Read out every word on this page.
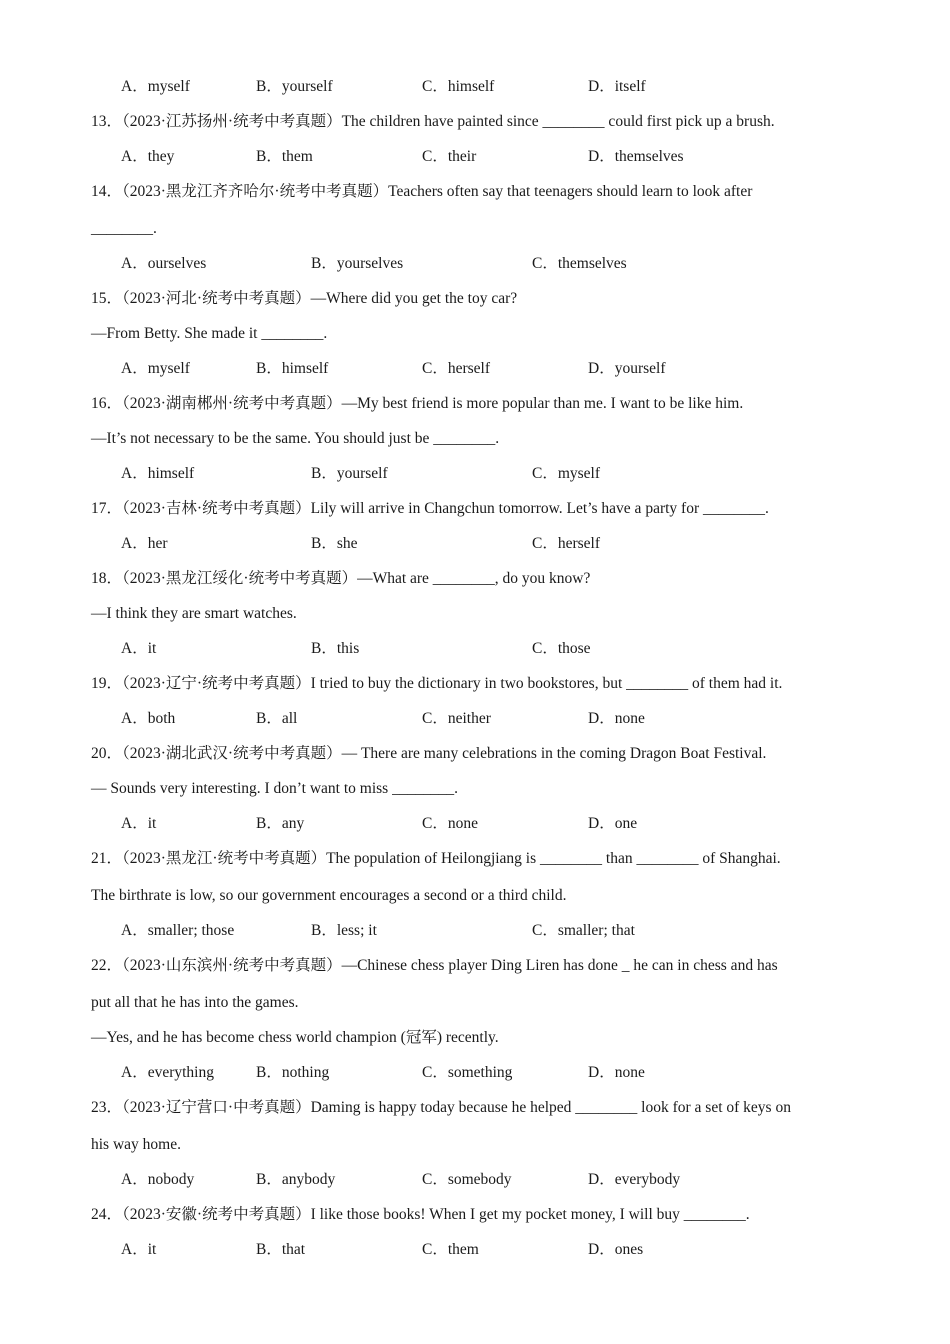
A．myself	B．yourself	C．himself	D．itself
13．（2023·江苏扬州·统考中考真题）The children have painted since ________ could first pick up a brush.
A．they	B．them	C．their	D．themselves
14．（2023·黑龙江齐齐哈尔·统考中考真题）Teachers often say that teenagers should learn to look after
________.
A．ourselves	B．yourselves	C．themselves
15．（2023·河北·统考中考真题）—Where did you get the toy car?
—From Betty. She made it ________.
A．myself	B．himself	C．herself	D．yourself
16．（2023·湖南郴州·统考中考真题）—My best friend is more popular than me. I want to be like him.
—It’s not necessary to be the same. You should just be ________.
A．himself	B．yourself	C．myself
17．（2023·吉林·统考中考真题）Lily will arrive in Changchun tomorrow. Let’s have a party for ________.
A．her	B．she	C．herself
18．（2023·黑龙江绥化·统考中考真题）—What are ________, do you know?
—I think they are smart watches.
A．it	B．this	C．those
19．（2023·辽宁·统考中考真题）I tried to buy the dictionary in two bookstores, but ________ of them had it.
A．both	B．all	C．neither	D．none
20．（2023·湖北武汉·统考中考真题）— There are many celebrations in the coming Dragon Boat Festival.
— Sounds very interesting. I don’t want to miss ________.
A．it	B．any	C．none	D．one
21．（2023·黑龙江·统考中考真题）The population of Heilongjiang is ________ than ________ of Shanghai.
The birthrate is low, so our government encourages a second or a third child.
A．smaller; those	B．less; it	C．smaller; that
22．（2023·山东滨州·统考中考真题）—Chinese chess player Ding Liren has done _ he can in chess and has
put all that he has into the games.
—Yes, and he has become chess world champion (冠军) recently.
A．everything	B．nothing	C．something	D．none
23．（2023·辽宁营口·中考真题）Daming is happy today because he helped ________ look for a set of keys on
his way home.
A．nobody	B．anybody	C．somebody	D．everybody
24．（2023·安徽·统考中考真题）I like those books! When I get my pocket money, I will buy ________.
A．it	B．that	C．them	D．ones
